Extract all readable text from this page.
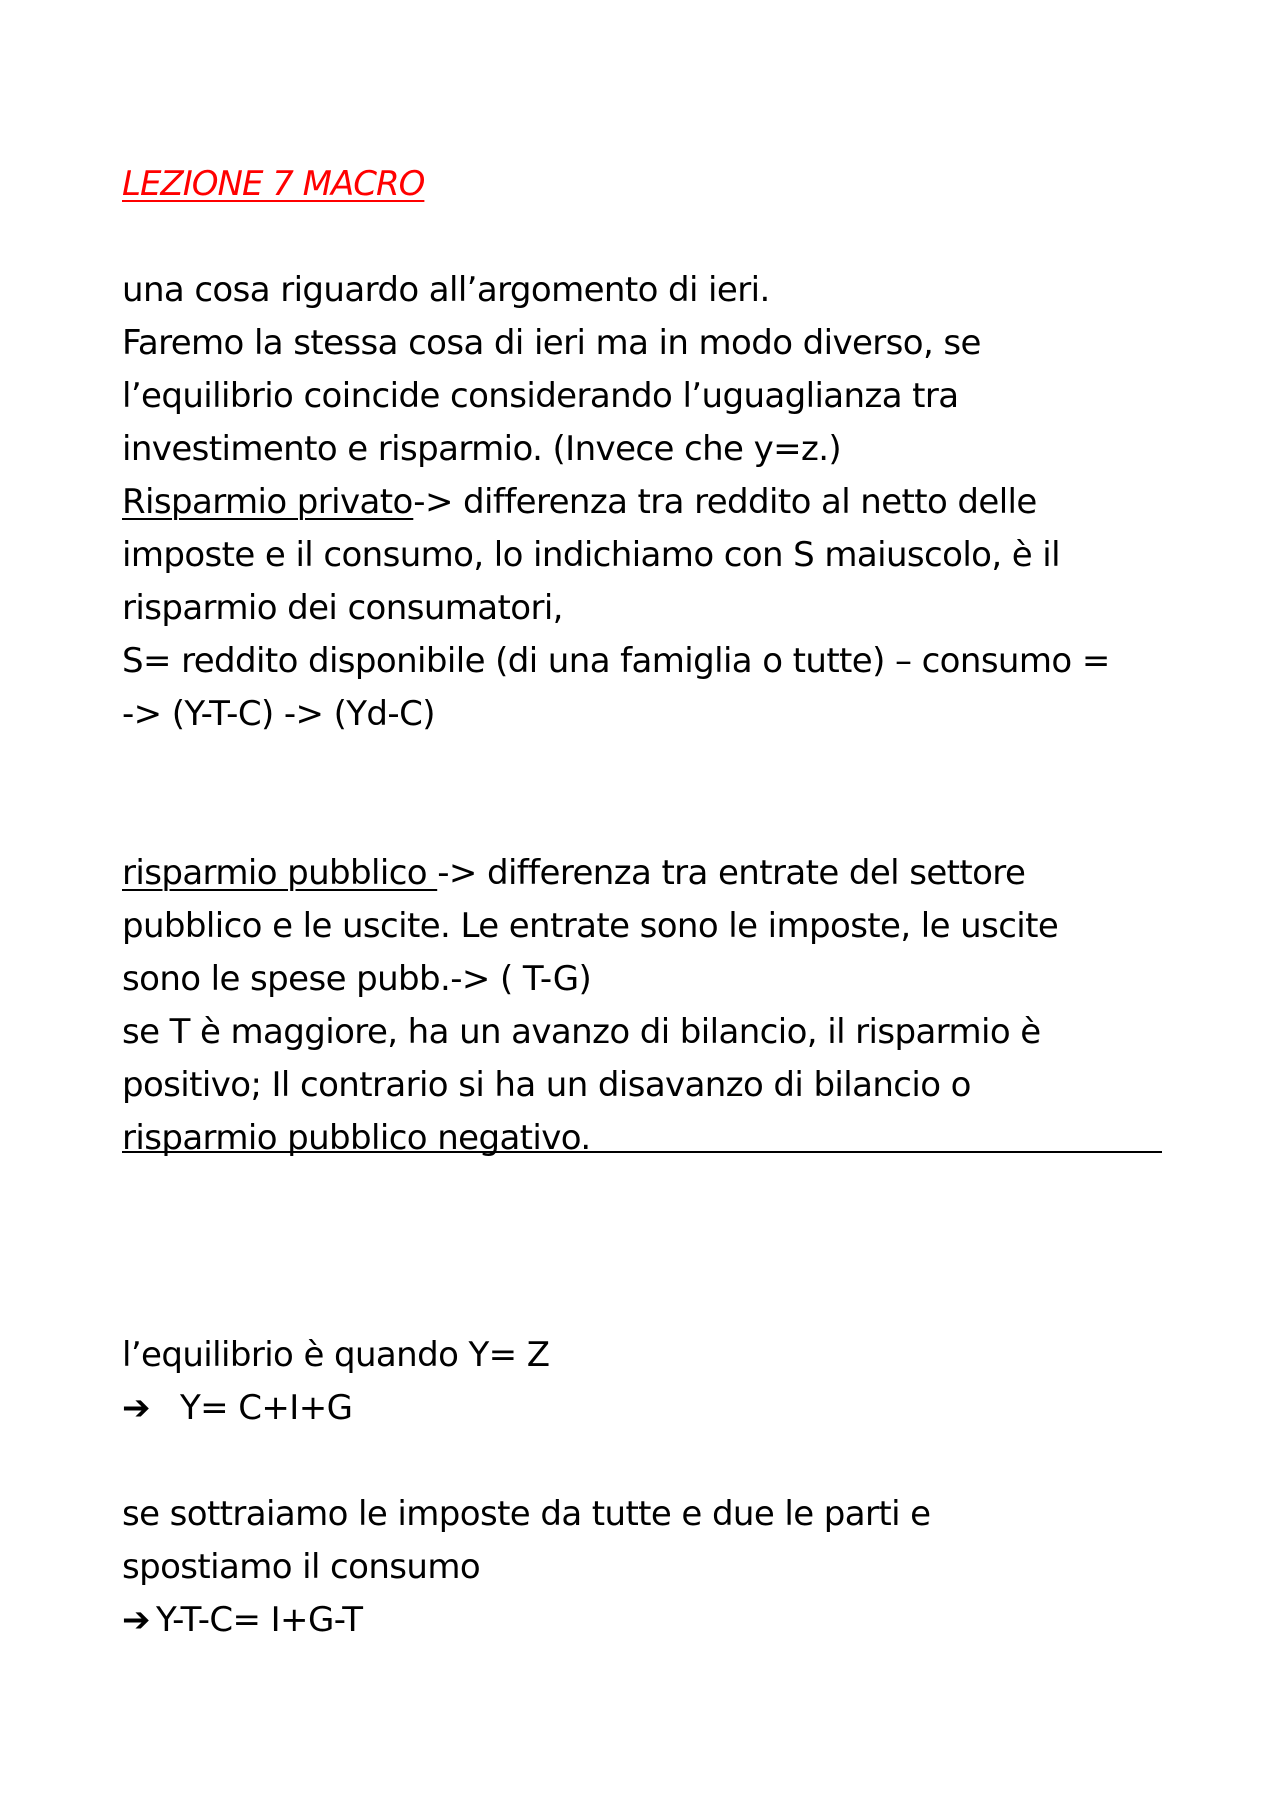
LEZIONE 7 MACRO
una cosa riguardo all’argomento di ieri.
Faremo la stessa cosa di ieri ma in modo diverso, se
l’equilibrio coincide considerando l’uguaglianza tra
investimento e risparmio. (Invece che y=z.)
Risparmio privato-> differenza tra reddito al netto delle
imposte e il consumo, lo indichiamo con S maiuscolo, è il
risparmio dei consumatori,
S= reddito disponibile (di una famiglia o tutte) – consumo =
-> (Y-T-C) -> (Yd-C)
risparmio pubblico -> differenza tra entrate del settore
pubblico e le uscite. Le entrate sono le imposte, le uscite
sono le spese pubb.-> ( T-G)
se T è maggiore, ha un avanzo di bilancio, il risparmio è
positivo; Il contrario si ha un disavanzo di bilancio o
risparmio pubblico negativo.
l’equilibrio è quando Y= Z
➔ Y= C+I+G
se sottraiamo le imposte da tutte e due le parti e
spostiamo il consumo
➔ Y-T-C= I+G-T
